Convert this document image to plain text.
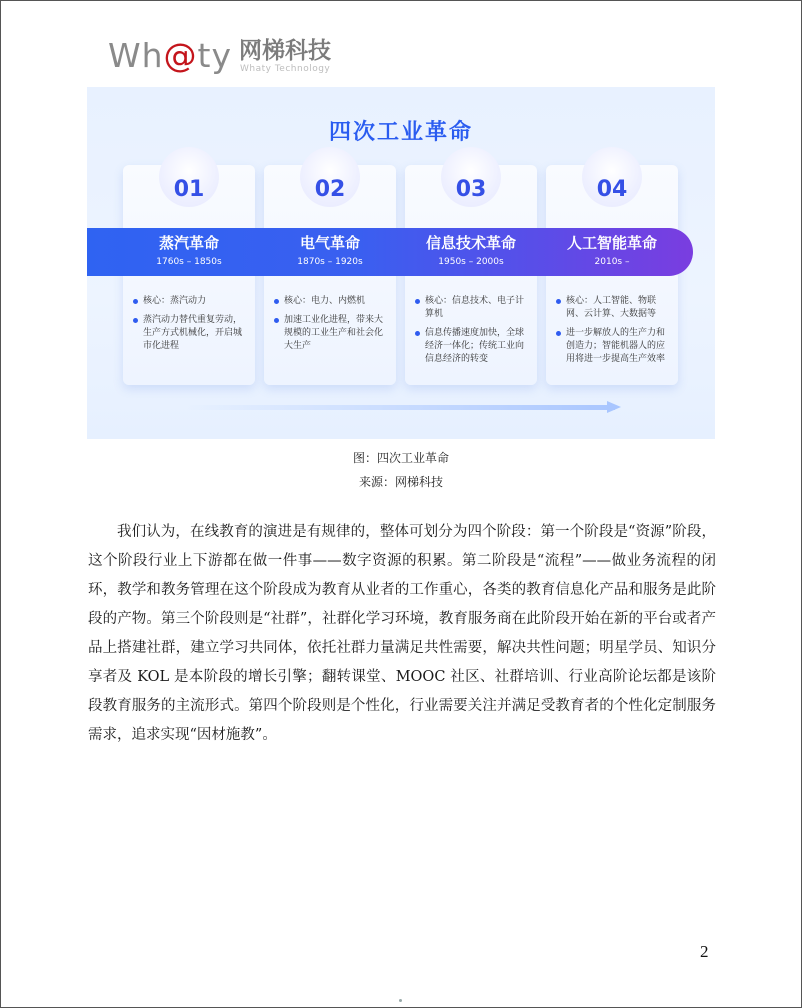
Wh@ty 网梯科技
Whaty Technology
四次工业革命
01
核心：蒸汽动力
蒸汽动力替代重复劳动，生产方式机械化，开启城市化进程
02
核心：电力、内燃机
加速工业化进程，带来大规模的工业生产和社会化大生产
03
核心：信息技术、电子计算机
信息传播速度加快，全球经济一体化；传统工业向信息经济的转变
04
核心：人工智能、物联网、云计算、大数据等
进一步解放人的生产力和创造力；智能机器人的应用将进一步提高生产效率
蒸汽革命
1760s – 1850s
电气革命
1870s – 1920s
信息技术革命
1950s – 2000s
人工智能革命
2010s –
图：四次工业革命
来源：网梯科技

我们认为，在线教育的演进是有规律的，整体可划分为四个阶段：第一个阶段是“资源”阶段，这个阶段行业上下游都在做一件事——数字资源的积累。第二阶段是“流程”——做业务流程的闭环，教学和教务管理在这个阶段成为教育从业者的工作重心，各类的教育信息化产品和服务是此阶段的产物。第三个阶段则是“社群”，社群化学习环境，教育服务商在此阶段开始在新的平台或者产品上搭建社群，建立学习共同体，依托社群力量满足共性需要，解决共性问题；明星学员、知识分享者及 KOL 是本阶段的增长引擎；翻转课堂、MOOC 社区、社群培训、行业高阶论坛都是该阶段教育服务的主流形式。第四个阶段则是个性化，行业需要关注并满足受教育者的个性化定制服务需求，追求实现“因材施教”。

2
